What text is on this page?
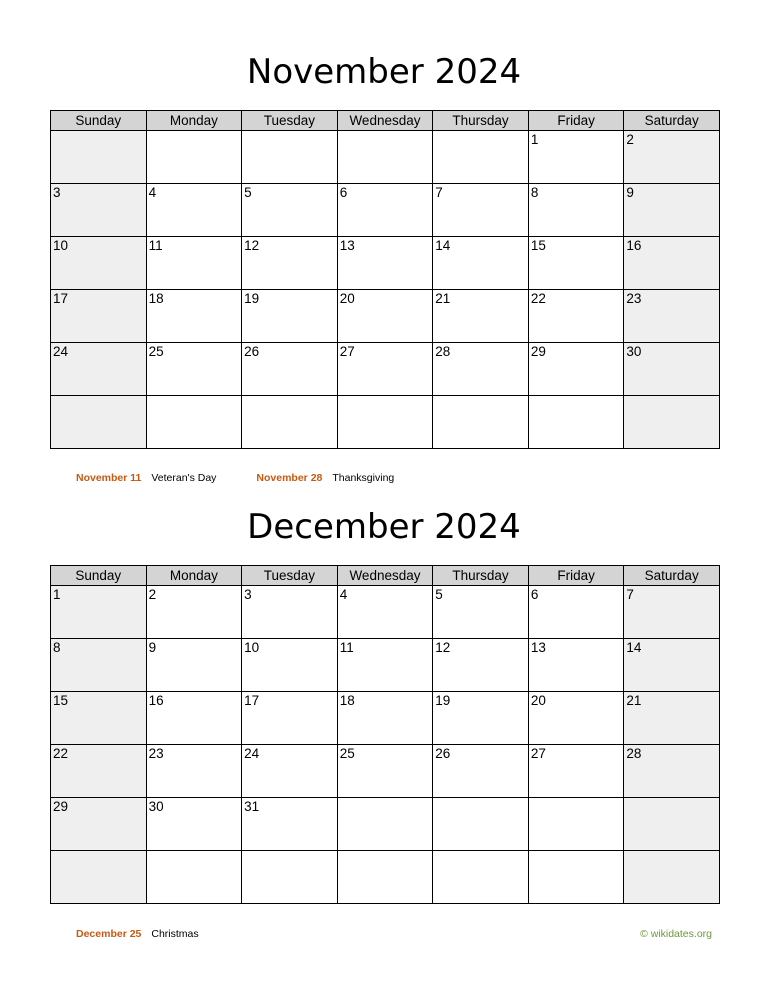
November 2024
Sunday	Monday	Tuesday	Wednesday	Thursday	Friday	Saturday
					1	2
3	4	5	6	7	8	9
10	11	12	13	14	15	16
17	18	19	20	21	22	23
24	25	26	27	28	29	30

November 11 Veteran's Day	November 28 Thanksgiving
December 2024
Sunday	Monday	Tuesday	Wednesday	Thursday	Friday	Saturday
1	2	3	4	5	6	7
8	9	10	11	12	13	14
15	16	17	18	19	20	21
22	23	24	25	26	27	28
29	30	31				

December 25 Christmas	© wikidates.org
